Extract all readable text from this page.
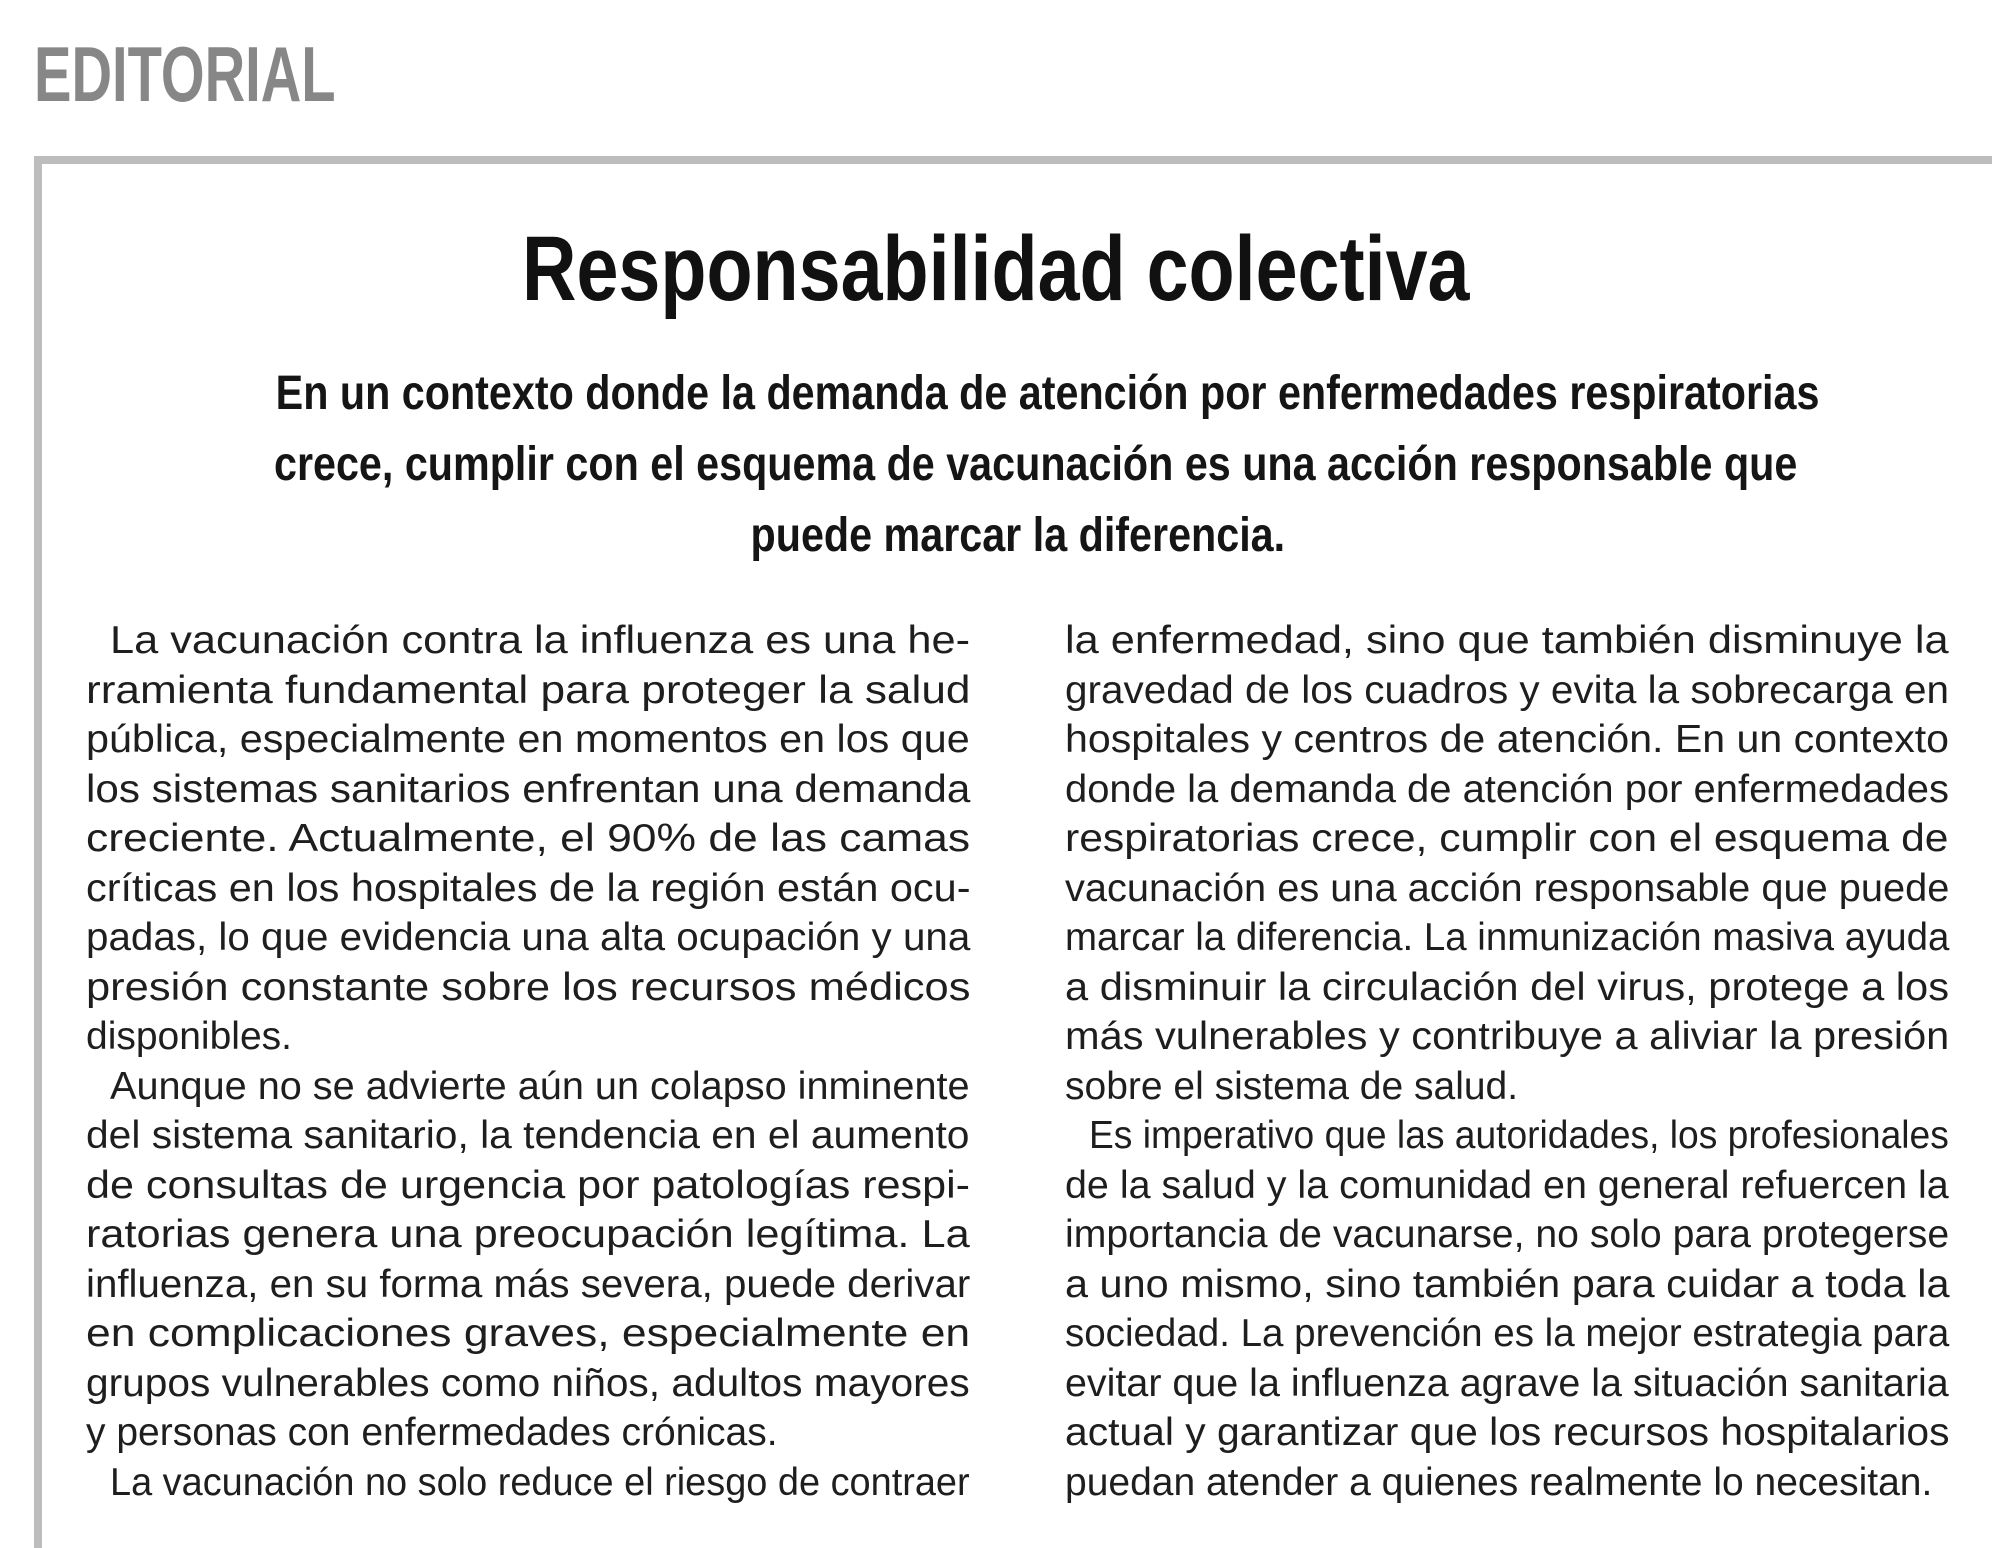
EDITORIAL
Responsabilidad colectiva
En un contexto donde la demanda de atención por enfermedades respiratorias
crece, cumplir con el esquema de vacunación es una acción responsable que
puede marcar la diferencia.
La vacunación contra la influenza es una he-
rramienta fundamental para proteger la salud
pública, especialmente en momentos en los que
los sistemas sanitarios enfrentan una demanda
creciente. Actualmente, el 90% de las camas
críticas en los hospitales de la región están ocu-
padas, lo que evidencia una alta ocupación y una
presión constante sobre los recursos médicos
disponibles.
Aunque no se advierte aún un colapso inminente
del sistema sanitario, la tendencia en el aumento
de consultas de urgencia por patologías respi-
ratorias genera una preocupación legítima. La
influenza, en su forma más severa, puede derivar
en complicaciones graves, especialmente en
grupos vulnerables como niños, adultos mayores
y personas con enfermedades crónicas.
La vacunación no solo reduce el riesgo de contraer
la enfermedad, sino que también disminuye la
gravedad de los cuadros y evita la sobrecarga en
hospitales y centros de atención. En un contexto
donde la demanda de atención por enfermedades
respiratorias crece, cumplir con el esquema de
vacunación es una acción responsable que puede
marcar la diferencia. La inmunización masiva ayuda
a disminuir la circulación del virus, protege a los
más vulnerables y contribuye a aliviar la presión
sobre el sistema de salud.
Es imperativo que las autoridades, los profesionales
de la salud y la comunidad en general refuercen la
importancia de vacunarse, no solo para protegerse
a uno mismo, sino también para cuidar a toda la
sociedad. La prevención es la mejor estrategia para
evitar que la influenza agrave la situación sanitaria
actual y garantizar que los recursos hospitalarios
puedan atender a quienes realmente lo necesitan.
